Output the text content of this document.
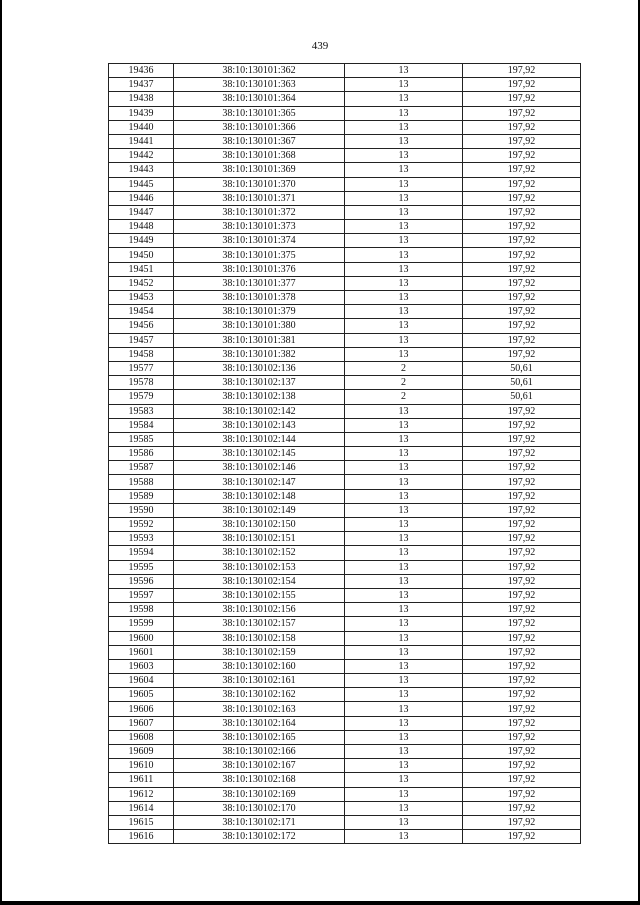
439
19436	38:10:130101:362	13	197,92
19437	38:10:130101:363	13	197,92
19438	38:10:130101:364	13	197,92
19439	38:10:130101:365	13	197,92
19440	38:10:130101:366	13	197,92
19441	38:10:130101:367	13	197,92
19442	38:10:130101:368	13	197,92
19443	38:10:130101:369	13	197,92
19445	38:10:130101:370	13	197,92
19446	38:10:130101:371	13	197,92
19447	38:10:130101:372	13	197,92
19448	38:10:130101:373	13	197,92
19449	38:10:130101:374	13	197,92
19450	38:10:130101:375	13	197,92
19451	38:10:130101:376	13	197,92
19452	38:10:130101:377	13	197,92
19453	38:10:130101:378	13	197,92
19454	38:10:130101:379	13	197,92
19456	38:10:130101:380	13	197,92
19457	38:10:130101:381	13	197,92
19458	38:10:130101:382	13	197,92
19577	38:10:130102:136	2	50,61
19578	38:10:130102:137	2	50,61
19579	38:10:130102:138	2	50,61
19583	38:10:130102:142	13	197,92
19584	38:10:130102:143	13	197,92
19585	38:10:130102:144	13	197,92
19586	38:10:130102:145	13	197,92
19587	38:10:130102:146	13	197,92
19588	38:10:130102:147	13	197,92
19589	38:10:130102:148	13	197,92
19590	38:10:130102:149	13	197,92
19592	38:10:130102:150	13	197,92
19593	38:10:130102:151	13	197,92
19594	38:10:130102:152	13	197,92
19595	38:10:130102:153	13	197,92
19596	38:10:130102:154	13	197,92
19597	38:10:130102:155	13	197,92
19598	38:10:130102:156	13	197,92
19599	38:10:130102:157	13	197,92
19600	38:10:130102:158	13	197,92
19601	38:10:130102:159	13	197,92
19603	38:10:130102:160	13	197,92
19604	38:10:130102:161	13	197,92
19605	38:10:130102:162	13	197,92
19606	38:10:130102:163	13	197,92
19607	38:10:130102:164	13	197,92
19608	38:10:130102:165	13	197,92
19609	38:10:130102:166	13	197,92
19610	38:10:130102:167	13	197,92
19611	38:10:130102:168	13	197,92
19612	38:10:130102:169	13	197,92
19614	38:10:130102:170	13	197,92
19615	38:10:130102:171	13	197,92
19616	38:10:130102:172	13	197,92
